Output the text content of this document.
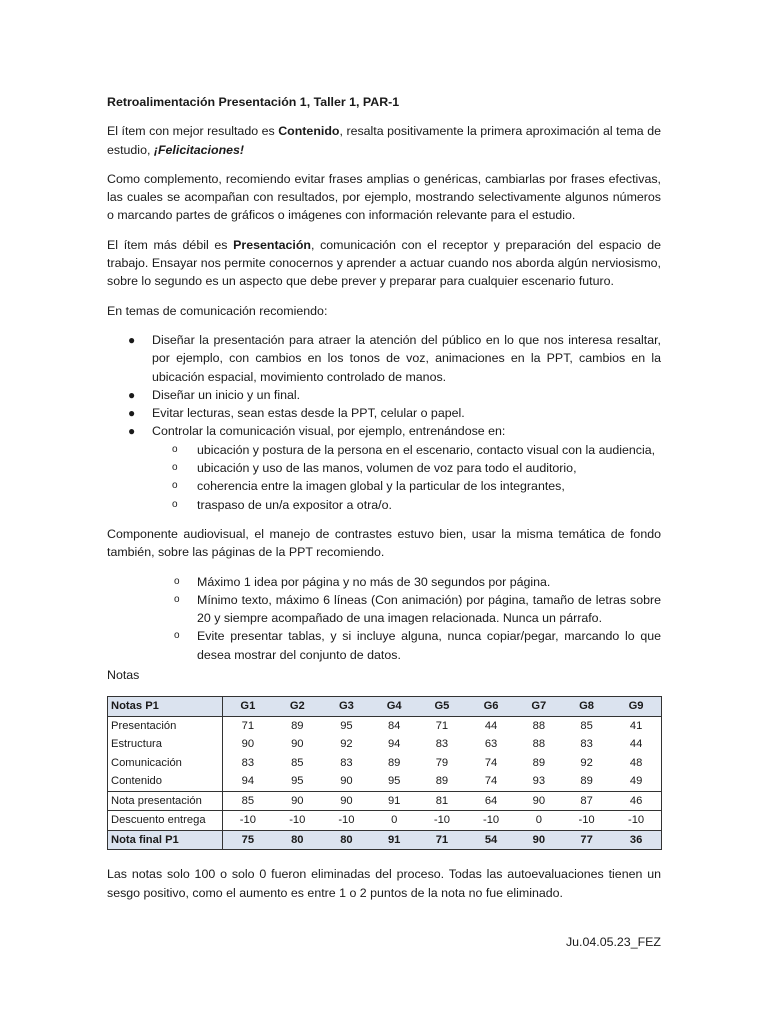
Retroalimentación Presentación 1, Taller 1, PAR-1

El ítem con mejor resultado es Contenido, resalta positivamente la primera aproximación al tema de estudio, ¡Felicitaciones!

Como complemento, recomiendo evitar frases amplias o genéricas, cambiarlas por frases efectivas, las cuales se acompañan con resultados, por ejemplo, mostrando selectivamente algunos números o marcando partes de gráficos o imágenes con información relevante para el estudio.

El ítem más débil es Presentación, comunicación con el receptor y preparación del espacio de trabajo. Ensayar nos permite conocernos y aprender a actuar cuando nos aborda algún nerviosismo, sobre lo segundo es un aspecto que debe prever y preparar para cualquier escenario futuro.

En temas de comunicación recomiendo:

● Diseñar la presentación para atraer la atención del público en lo que nos interesa resaltar, por ejemplo, con cambios en los tonos de voz, animaciones en la PPT, cambios en la ubicación espacial, movimiento controlado de manos.
● Diseñar un inicio y un final.
● Evitar lecturas, sean estas desde la PPT, celular o papel.
● Controlar la comunicación visual, por ejemplo, entrenándose en:
o ubicación y postura de la persona en el escenario, contacto visual con la audiencia,
o ubicación y uso de las manos, volumen de voz para todo el auditorio,
o coherencia entre la imagen global y la particular de los integrantes,
o traspaso de un/a expositor a otra/o.

Componente audiovisual, el manejo de contrastes estuvo bien, usar la misma temática de fondo también, sobre las páginas de la PPT recomiendo.

o Máximo 1 idea por página y no más de 30 segundos por página.
o Mínimo texto, máximo 6 líneas (Con animación) por página, tamaño de letras sobre 20 y siempre acompañado de una imagen relacionada. Nunca un párrafo.
o Evite presentar tablas, y si incluye alguna, nunca copiar/pegar, marcando lo que desea mostrar del conjunto de datos.

Notas

Notas P1	G1	G2	G3	G4	G5	G6	G7	G8	G9
Presentación	71	89	95	84	71	44	88	85	41
Estructura	90	90	92	94	83	63	88	83	44
Comunicación	83	85	83	89	79	74	89	92	48
Contenido	94	95	90	95	89	74	93	89	49
Nota presentación	85	90	90	91	81	64	90	87	46
Descuento entrega	-10	-10	-10	0	-10	-10	0	-10	-10
Nota final P1	75	80	80	91	71	54	90	77	36

Las notas solo 100 o solo 0 fueron eliminadas del proceso. Todas las autoevaluaciones tienen un sesgo positivo, como el aumento es entre 1 o 2 puntos de la nota no fue eliminado.

Ju.04.05.23_FEZ
